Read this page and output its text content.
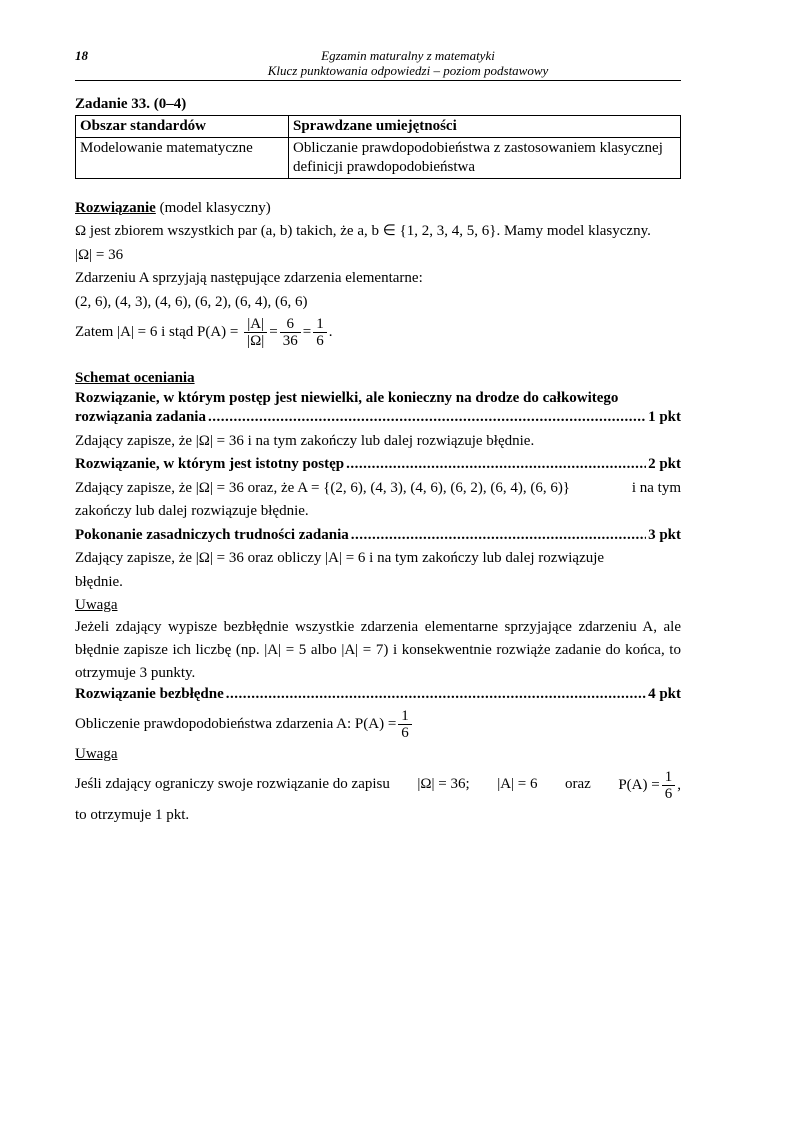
18	Egzamin maturalny z matematyki
Klucz punktowania odpowiedzi – poziom podstawowy
Zadanie 33. (0–4)
Obszar standardów	Sprawdzane umiejętności
Modelowanie matematyczne	Obliczanie prawdopodobieństwa z zastosowaniem klasycznej definicji prawdopodobieństwa
Rozwiązanie (model klasyczny)
Ω jest zbiorem wszystkich par (a, b) takich, że a, b ∈ {1, 2, 3, 4, 5, 6}. Mamy model klasyczny.
|Ω| = 36
Zdarzeniu A sprzyjają następujące zdarzenia elementarne:
(2, 6), (4, 3), (4, 6), (6, 2), (6, 4), (6, 6)
Zatem |A| = 6 i stąd $P(A) = \frac{|A|}{|\Omega|} = \frac{6}{36} = \frac{1}{6}$ .
Schemat oceniania
Rozwiązanie, w którym postęp jest niewielki, ale konieczny na drodze do całkowitego
rozwiązania zadania .....	1 pkt
Zdający zapisze, że |Ω| = 36 i na tym zakończy lub dalej rozwiązuje błędnie.
Rozwiązanie, w którym jest istotny postęp .....	2 pkt
Zdający zapisze, że |Ω| = 36 oraz, że A = {(2, 6), (4, 3), (4, 6), (6, 2), (6, 4), (6, 6)}	i na tym
zakończy lub dalej rozwiązuje błędnie.
Pokonanie zasadniczych trudności zadania .....	3 pkt
Zdający zapisze, że |Ω| = 36 oraz obliczy |A| = 6 i na tym zakończy lub dalej rozwiązuje
błędnie.
Uwaga
Jeżeli zdający wypisze bezbłędnie wszystkie zdarzenia elementarne sprzyjające zdarzeniu A, ale błędnie zapisze ich liczbę (np. |A| = 5 albo |A| = 7) i konsekwentnie rozwiąże zadanie do końca, to otrzymuje 3 punkty.
Rozwiązanie bezbłędne .....	4 pkt
Obliczenie prawdopodobieństwa zdarzenia A: $P(A) = \frac{1}{6}$
Uwaga
Jeśli zdający ograniczy swoje rozwiązanie do zapisu |Ω| = 36; |A| = 6 oraz $P(A) = \frac{1}{6}$ ,
to otrzymuje 1 pkt.
